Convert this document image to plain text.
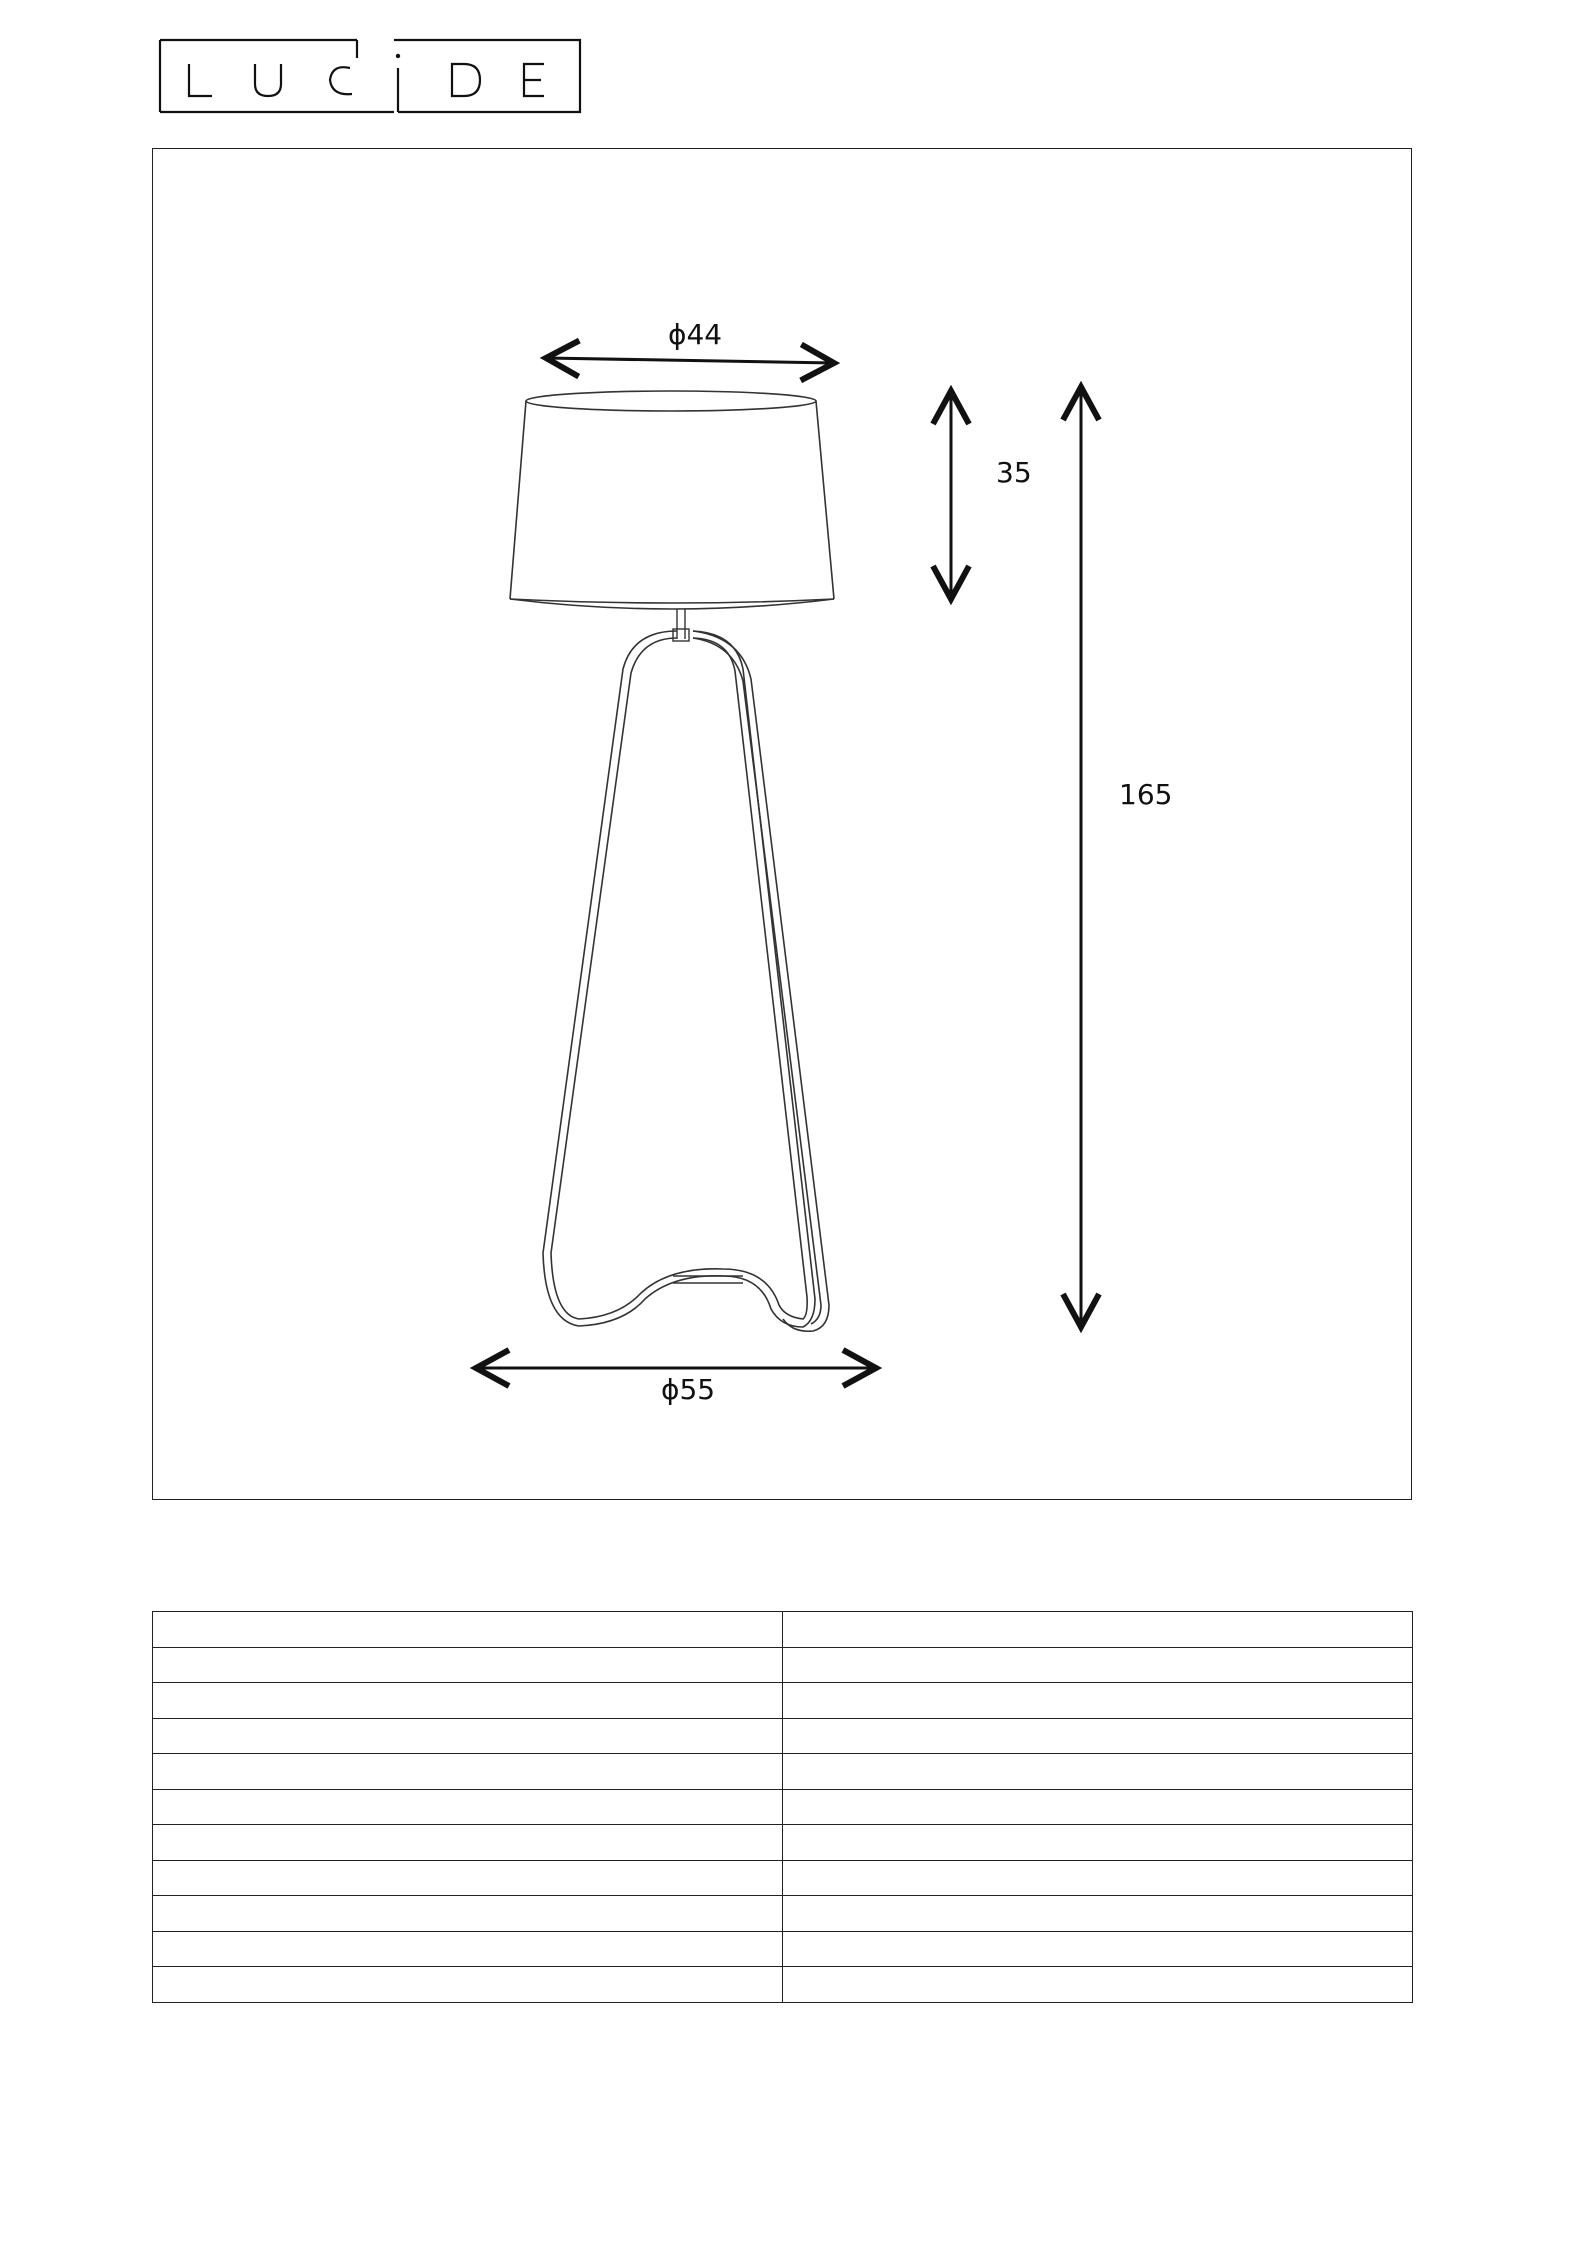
ϕ44
35
165
ϕ55
